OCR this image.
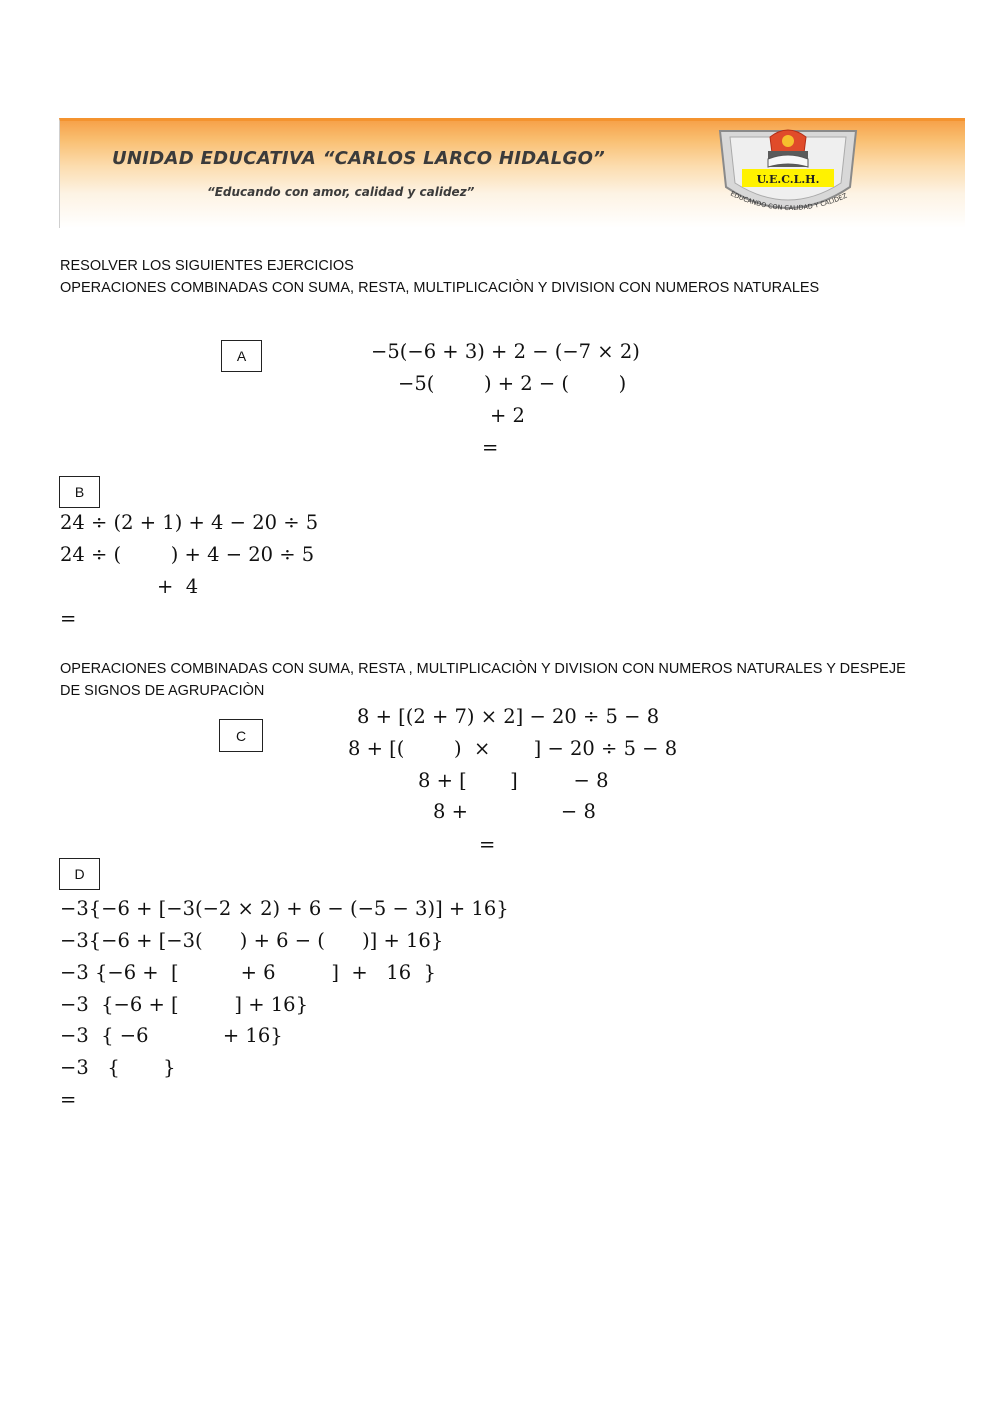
UNIDAD EDUCATIVA “CARLOS LARCO HIDALGO”
“Educando con amor, calidad y calidez”
U.E.C.L.H.
EDUCANDO CON CALIDAD Y CALIDEZ
RESOLVER LOS SIGUIENTES EJERCICIOS
OPERACIONES COMBINADAS CON SUMA, RESTA, MULTIPLICACIÒN Y DIVISION CON NUMEROS NATURALES
A	−5(−6 + 3) + 2 − (−7 × 2)
−5(        ) + 2 − (        )
+ 2
=
B
24 ÷ (2 + 1) + 4 − 20 ÷ 5
24 ÷ (        ) + 4 − 20 ÷ 5
+  4
=
OPERACIONES COMBINADAS CON SUMA, RESTA , MULTIPLICACIÒN Y DIVISION CON NUMEROS NATURALES Y DESPEJE
DE SIGNOS DE AGRUPACIÒN
C
8 + [(2 + 7) × 2] − 20 ÷ 5 − 8
8 + [(        )  ×       ] − 20 ÷ 5 − 8
8 + [       ]         − 8
8 +               − 8
=
D
−3{−6 + [−3(−2 × 2) + 6 − (−5 − 3)] + 16}
−3{−6 + [−3(      ) + 6 − (      )] + 16}
−3 {−6 +  [          + 6         ]  +   16  }
−3  {−6 + [         ] + 16}
−3  { −6            + 16}
−3   {       }
=
